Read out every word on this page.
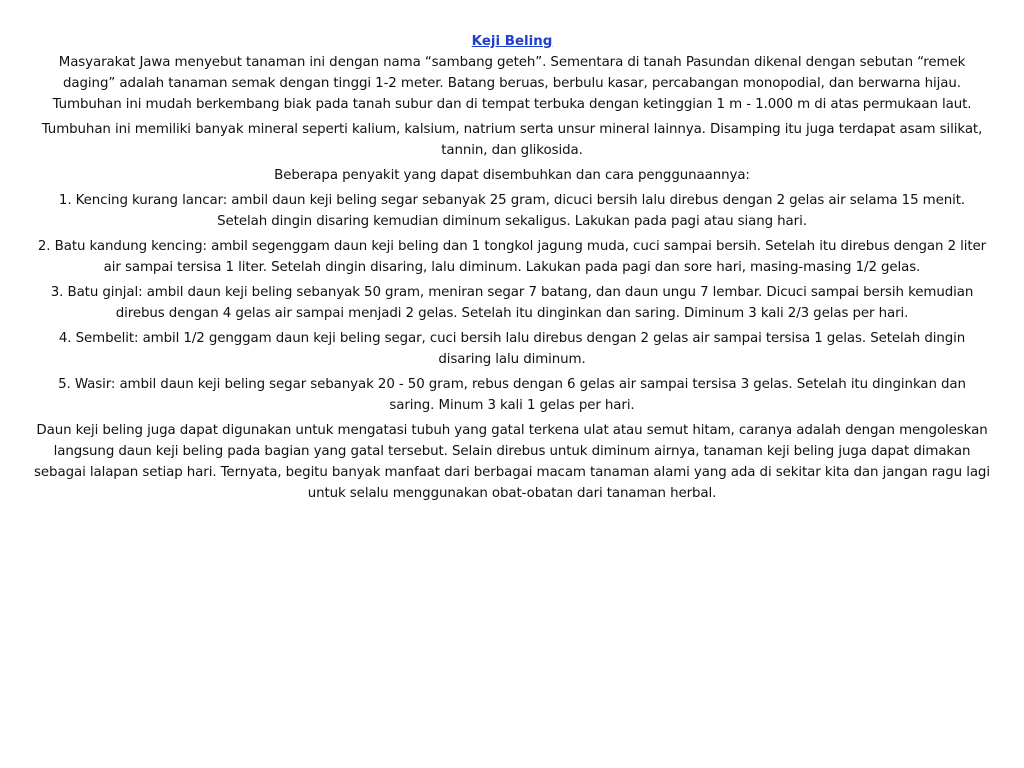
Keji Beling

Masyarakat Jawa menyebut tanaman ini dengan nama “sambang geteh”. Sementara di tanah Pasundan dikenal dengan sebutan “remek daging” adalah tanaman semak dengan tinggi 1-2 meter. Batang beruas, berbulu kasar, percabangan monopodial, dan berwarna hijau. Tumbuhan ini mudah berkembang biak pada tanah subur dan di tempat terbuka dengan ketinggian 1 m - 1.000 m di atas permukaan laut.

Tumbuhan ini memiliki banyak mineral seperti kalium, kalsium, natrium serta unsur mineral lainnya. Disamping itu juga terdapat asam silikat, tannin, dan glikosida.

Beberapa penyakit yang dapat disembuhkan dan cara penggunaannya:

1. Kencing kurang lancar: ambil daun keji beling segar sebanyak 25 gram, dicuci bersih lalu direbus dengan 2 gelas air selama 15 menit. Setelah dingin disaring kemudian diminum sekaligus. Lakukan pada pagi atau siang hari.

2. Batu kandung kencing: ambil segenggam daun keji beling dan 1 tongkol jagung muda, cuci sampai bersih. Setelah itu direbus dengan 2 liter air sampai tersisa 1 liter. Setelah dingin disaring, lalu diminum. Lakukan pada pagi dan sore hari, masing-masing 1/2 gelas.

3. Batu ginjal: ambil daun keji beling sebanyak 50 gram, meniran segar 7 batang, dan daun ungu 7 lembar. Dicuci sampai bersih kemudian direbus dengan 4 gelas air sampai menjadi 2 gelas. Setelah itu dinginkan dan saring. Diminum 3 kali 2/3 gelas per hari.

4. Sembelit: ambil 1/2 genggam daun keji beling segar, cuci bersih lalu direbus dengan 2 gelas air sampai tersisa 1 gelas. Setelah dingin disaring lalu diminum.

5. Wasir: ambil daun keji beling segar sebanyak 20 - 50 gram, rebus dengan 6 gelas air sampai tersisa 3 gelas. Setelah itu dinginkan dan saring. Minum 3 kali 1 gelas per hari.

Daun keji beling juga dapat digunakan untuk mengatasi tubuh yang gatal terkena ulat atau semut hitam, caranya adalah dengan mengoleskan langsung daun keji beling pada bagian yang gatal tersebut. Selain direbus untuk diminum airnya, tanaman keji beling juga dapat dimakan sebagai lalapan setiap hari. Ternyata, begitu banyak manfaat dari berbagai macam tanaman alami yang ada di sekitar kita dan jangan ragu lagi untuk selalu menggunakan obat-obatan dari tanaman herbal.
